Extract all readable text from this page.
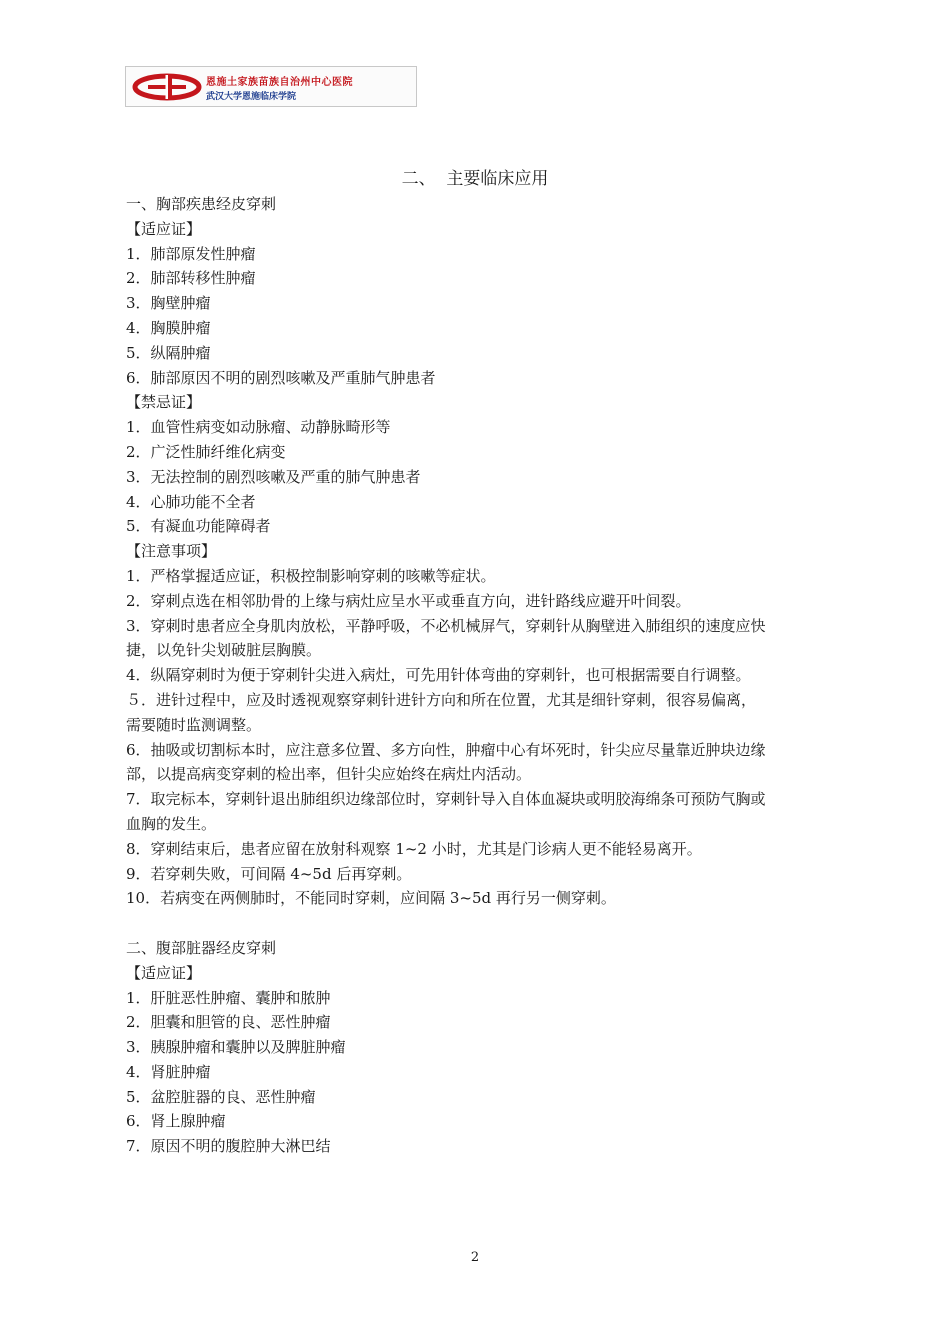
恩施土家族苗族自治州中心医院
武汉大学恩施临床学院
二、  主要临床应用
一、胸部疾患经皮穿刺
【适应证】
1．肺部原发性肿瘤
2．肺部转移性肿瘤
3．胸壁肿瘤
4．胸膜肿瘤
5．纵隔肿瘤
6．肺部原因不明的剧烈咳嗽及严重肺气肿患者
【禁忌证】
1．血管性病变如动脉瘤、动静脉畸形等
2．广泛性肺纤维化病变
3．无法控制的剧烈咳嗽及严重的肺气肿患者
4．心肺功能不全者
5．有凝血功能障碍者
【注意事项】
1．严格掌握适应证，积极控制影响穿刺的咳嗽等症状。
2．穿刺点选在相邻肋骨的上缘与病灶应呈水平或垂直方向，进针路线应避开叶间裂。
3．穿刺时患者应全身肌肉放松，平静呼吸，不必机械屏气，穿刺针从胸壁进入肺组织的速度应快
捷，以免针尖划破脏层胸膜。
4．纵隔穿刺时为便于穿刺针尖进入病灶，可先用针体弯曲的穿刺针，也可根据需要自行调整。
５．进针过程中，应及时透视观察穿刺针进针方向和所在位置，尤其是细针穿刺，很容易偏离，
需要随时监测调整。
6．抽吸或切割标本时，应注意多位置、多方向性，肿瘤中心有坏死时，针尖应尽量靠近肿块边缘
部，以提高病变穿刺的检出率，但针尖应始终在病灶内活动。
7．取完标本，穿刺针退出肺组织边缘部位时，穿刺针导入自体血凝块或明胶海绵条可预防气胸或
血胸的发生。
8．穿刺结束后，患者应留在放射科观察 1~2 小时，尤其是门诊病人更不能轻易离开。
9．若穿刺失败，可间隔 4~5d 后再穿刺。
10．若病变在两侧肺时，不能同时穿刺，应间隔 3~5d 再行另一侧穿刺。
二、腹部脏器经皮穿刺
【适应证】
1．肝脏恶性肿瘤、囊肿和脓肿
2．胆囊和胆管的良、恶性肿瘤
3．胰腺肿瘤和囊肿以及脾脏肿瘤
4．肾脏肿瘤
5．盆腔脏器的良、恶性肿瘤
6．肾上腺肿瘤
7．原因不明的腹腔肿大淋巴结
2
